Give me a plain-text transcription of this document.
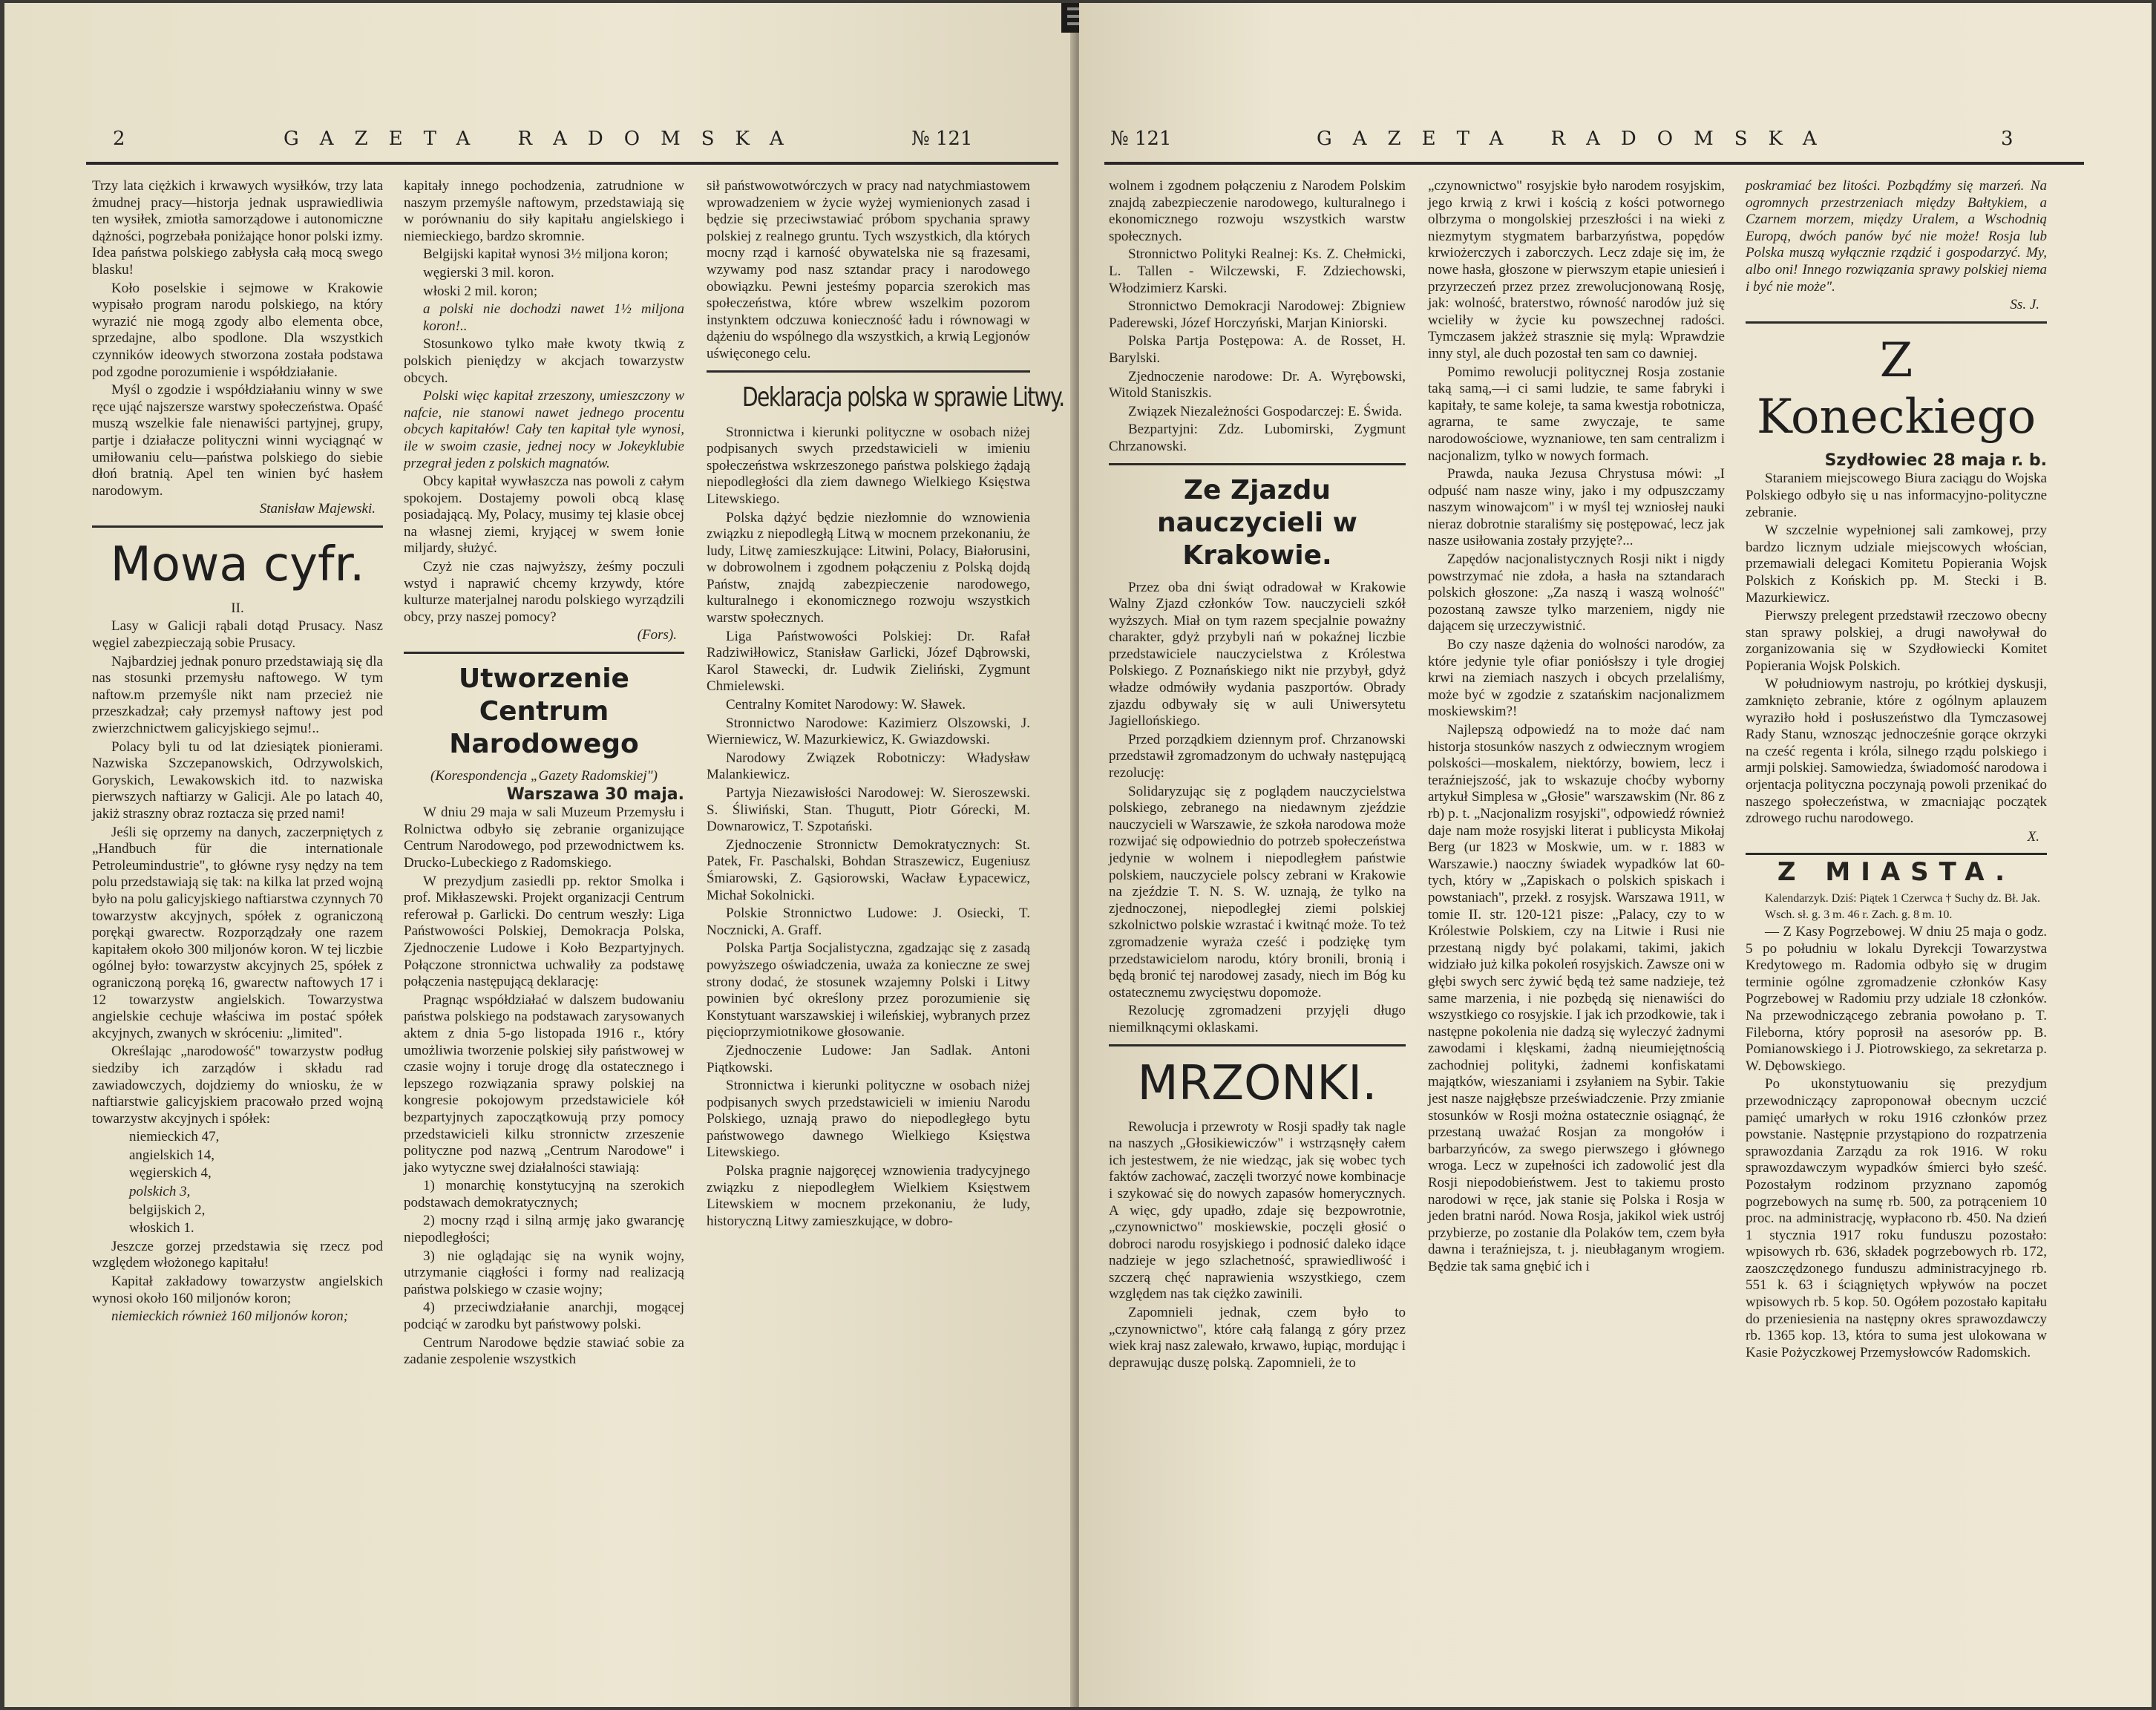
2	GAZETA RADOMSKA	№ 121

Trzy lata ciężkich i krwawych wysiłków, trzy lata żmudnej pracy—historja jednak usprawiedliwia ten wysiłek, zmiotła samorządowe i autonomiczne dążności, pogrzebała poniżające honor polski izmy. Idea państwa polskiego zabłysła całą mocą swego blasku!

Koło poselskie i sejmowe w Krakowie wypisało program narodu polskiego, na który wyrazić nie mogą zgody albo elementa obce, sprzedajne, albo spodlone. Dla wszystkich czynników ideowych stworzona została podstawa pod zgodne porozumienie i współdziałanie.

Myśl o zgodzie i współdziałaniu winny w swe ręce ująć najszersze warstwy społeczeństwa. Opaść muszą wszelkie fale nienawiści partyjnej, grupy, partje i działacze polityczni winni wyciągnąć w umiłowaniu celu—państwa polskiego do siebie dłoń bratnią. Apel ten winien być hasłem narodowym.

Stanisław Majewski.

Mowa cyfr.

II.

Lasy w Galicji rąbali dotąd Prusacy. Nasz węgiel zabezpieczają sobie Prusacy.

Najbardziej jednak ponuro przedstawiają się dla nas stosunki przemysłu naftowego. W tym naftow.m przemyśle nikt nam przecież nie przeszkadzał; cały przemysł naftowy jest pod zwierzchnictwem galicyjskiego sejmu!..

Polacy byli tu od lat dziesiątek pionierami. Nazwiska Szczepanowskich, Odrzywolskich, Goryskich, Lewakowskich itd. to nazwiska pierwszych naftiarzy w Galicji. Ale po latach 40, jakiż straszny obraz roztacza się przed nami!

Jeśli się oprzemy na danych, zaczerpniętych z „Handbuch für die internationale Petroleumindustrie", to główne rysy nędzy na tem polu przedstawiają się tak: na kilka lat przed wojną było na polu galicyjskiego naftiarstwa czynnych 70 towarzystw akcyjnych, spółek z ograniczoną porękąi gwarectw. Rozporządzały one razem kapitałem około 300 miljonów koron. W tej liczbie ogólnej było: towarzystw akcyjnych 25, spółek z ograniczoną poręką 16, gwarectw naftowych 17 i 12 towarzystw angielskich. Towarzystwa angielskie cechuje właściwa im postać spółek akcyjnych, zwanych w skróceniu: „limited".

Określając „narodowość" towarzystw podług siedziby ich zarządów i składu rad zawiadowczych, dojdziemy do wniosku, że w naftiarstwie galicyjskiem pracowało przed wojną towarzystw akcyjnych i spółek:

niemieckich 47,

angielskich 14,

węgierskich 4,

polskich 3,

belgijskich 2,

włoskich 1.

Jeszcze gorzej przedstawia się rzecz pod względem włożonego kapitału!

Kapitał zakładowy towarzystw angielskich wynosi około 160 miljonów koron;

niemieckich również 160 miljonów koron;

kapitały innego pochodzenia, zatrudnione w naszym przemyśle naftowym, przedstawiają się w porównaniu do siły kapitału angielskiego i niemieckiego, bardzo skromnie.

Belgijski kapitał wynosi 3½ miljona koron;

węgierski 3 mil. koron.

włoski 2 mil. koron;

a polski nie dochodzi nawet 1½ miljona koron!..

Stosunkowo tylko małe kwoty tkwią z polskich pieniędzy w akcjach towarzystw obcych.

Polski więc kapitał zrzeszony, umieszczony w nafcie, nie stanowi nawet jednego procentu obcych kapitałów! Cały ten kapitał tyle wynosi, ile w swoim czasie, jednej nocy w Jokeyklubie przegrał jeden z polskich magnatów.

Obcy kapitał wywłaszcza nas powoli z całym spokojem. Dostajemy powoli obcą klasę posiadającą. My, Polacy, musimy tej klasie obcej na własnej ziemi, kryjącej w swem łonie miljardy, służyć.

Czyż nie czas najwyższy, żeśmy poczuli wstyd i naprawić chcemy krzywdy, które kulturze materjalnej narodu polskiego wyrządzili obcy, przy naszej pomocy?

(Fors).

Utworzenie Centrum Narodowego

(Korespondencja „Gazety Radomskiej")

Warszawa 30 maja.

W dniu 29 maja w sali Muzeum Przemysłu i Rolnictwa odbyło się zebranie organizujące Centrum Narodowego, pod przewodnictwem ks. Drucko-Lubeckiego z Radomskiego.

W prezydjum zasiedli pp. rektor Smolka i prof. Mikłaszewski. Projekt organizacji Centrum referował p. Garlicki. Do centrum weszły: Liga Państwowości Polskiej, Demokracja Polska, Zjednoczenie Ludowe i Koło Bezpartyjnych. Połączone stronnictwa uchwaliły za podstawę połączenia następującą deklarację:

Pragnąc współdziałać w dalszem budowaniu państwa polskiego na podstawach zarysowanych aktem z dnia 5-go listopada 1916 r., który umożliwia tworzenie polskiej siły państwowej w czasie wojny i toruje drogę dla ostatecznego i lepszego rozwiązania sprawy polskiej na kongresie pokojowym przedstawiciele kół bezpartyjnych zapoczątkowują przy pomocy przedstawicieli kilku stronnictw zrzeszenie polityczne pod nazwą „Centrum Narodowe" i jako wytyczne swej działalności stawiają:

1) monarchię konstytucyjną na szerokich podstawach demokratycznych;

2) mocny rząd i silną armję jako gwarancję niepodległości;

3) nie oglądając się na wynik wojny, utrzymanie ciągłości i formy nad realizacją państwa polskiego w czasie wojny;

4) przeciwdziałanie anarchji, mogącej podciąć w zarodku byt państwowy polski.

Centrum Narodowe będzie stawiać sobie za zadanie zespolenie wszystkich

sił państwowotwórczych w pracy nad natychmiastowem wprowadzeniem w życie wyżej wymienionych zasad i będzie się przeciwstawiać próbom spychania sprawy polskiej z realnego gruntu. Tych wszystkich, dla których mocny rząd i karność obywatelska nie są frazesami, wzywamy pod nasz sztandar pracy i narodowego obowiązku. Pewni jesteśmy poparcia szerokich mas społeczeństwa, które wbrew wszelkim pozorom instynktem odczuwa konieczność ładu i równowagi w dążeniu do wspólnego dla wszystkich, a krwią Legjonów uświęconego celu.

Deklaracja polska w sprawie Litwy.

Stronnictwa i kierunki polityczne w osobach niżej podpisanych swych przedstawicieli w imieniu społeczeństwa wskrzeszonego państwa polskiego żądają niepodległości dla ziem dawnego Wielkiego Księstwa Litewskiego.

Polska dążyć będzie niezłomnie do wznowienia związku z niepodległą Litwą w mocnem przekonaniu, że ludy, Litwę zamieszkujące: Litwini, Polacy, Białorusini, w dobrowolnem i zgodnem połączeniu z Polską dojdą Państw, znajdą zabezpieczenie narodowego, kulturalnego i ekonomicznego rozwoju wszystkich warstw społecznych.

Liga Państwowości Polskiej: Dr. Rafał Radziwiłłowicz, Stanisław Garlicki, Józef Dąbrowski, Karol Stawecki, dr. Ludwik Zieliński, Zygmunt Chmielewski.

Centralny Komitet Narodowy: W. Sławek.

Stronnictwo Narodowe: Kazimierz Olszowski, J. Wierniewicz, W. Mazurkiewicz, K. Gwiazdowski.

Narodowy Związek Robotniczy: Władysław Malankiewicz.

Partyja Niezawisłości Narodowej: W. Sieroszewski. S. Śliwiński, Stan. Thugutt, Piotr Górecki, M. Downarowicz, T. Szpotański.

Zjednoczenie Stronnictw Demokratycznych: St. Patek, Fr. Paschalski, Bohdan Straszewicz, Eugeniusz Śmiarowski, Z. Gąsiorowski, Wacław Łypacewicz, Michał Sokolnicki.

Polskie Stronnictwo Ludowe: J. Osiecki, T. Nocznicki, A. Graff.

Polska Partja Socjalistyczna, zgadzając się z zasadą powyższego oświadczenia, uważa za konieczne ze swej strony dodać, że stosunek wzajemny Polski i Litwy powinien być określony przez porozumienie się Konstytuant warszawskiej i wileńskiej, wybranych przez pięcioprzymiotnikowe głosowanie.

Zjednoczenie Ludowe: Jan Sadlak. Antoni Piątkowski.

Stronnictwa i kierunki polityczne w osobach niżej podpisanych swych przedstawicieli w imieniu Narodu Polskiego, uznają prawo do niepodległego bytu państwowego dawnego Wielkiego Księstwa Litewskiego.

Polska pragnie najgoręcej wznowienia tradycyjnego związku z niepodległem Wielkiem Księstwem Litewskiem w mocnem przekonaniu, że ludy, historyczną Litwy zamieszkujące, w dobro-

№ 121	GAZETA RADOMSKA	3

wolnem i zgodnem połączeniu z Narodem Polskim znajdą zabezpieczenie narodowego, kulturalnego i ekonomicznego rozwoju wszystkich warstw społecznych.

Stronnictwo Polityki Realnej: Ks. Z. Chełmicki, L. Tallen - Wilczewski, F. Zdziechowski, Włodzimierz Karski.

Stronnictwo Demokracji Narodowej: Zbigniew Paderewski, Józef Horczyński, Marjan Kiniorski.

Polska Partja Postępowa: A. de Rosset, H. Barylski.

Zjednoczenie narodowe: Dr. A. Wyrębowski, Witold Staniszkis.

Związek Niezależności Gospodarczej: E. Świda.

Bezpartyjni: Zdz. Lubomirski, Zygmunt Chrzanowski.

Ze Zjazdu nauczycieli w Krakowie.

Przez oba dni świąt odradował w Krakowie Walny Zjazd członków Tow. nauczycieli szkół wyższych. Miał on tym razem specjalnie poważny charakter, gdyż przybyli nań w pokaźnej liczbie przedstawiciele nauczycielstwa z Królestwa Polskiego. Z Poznańskiego nikt nie przybył, gdyż władze odmówiły wydania paszportów. Obrady zjazdu odbywały się w auli Uniwersytetu Jagiellońskiego.

Przed porządkiem dziennym prof. Chrzanowski przedstawił zgromadzonym do uchwały następującą rezolucję:

Solidaryzując się z poglądem nauczycielstwa polskiego, zebranego na niedawnym zjeździe nauczycieli w Warszawie, że szkoła narodowa może rozwijać się odpowiednio do potrzeb społeczeństwa jedynie w wolnem i niepodległem państwie polskiem, nauczyciele polscy zebrani w Krakowie na zjeździe T. N. S. W. uznają, że tylko na zjednoczonej, niepodległej ziemi polskiej szkolnictwo polskie wzrastać i kwitnąć może. To też zgromadzenie wyraża cześć i podziękę tym przedstawicielom narodu, który bronili, bronią i będą bronić tej narodowej zasady, niech im Bóg ku ostatecznemu zwycięstwu dopomoże.

Rezolucję zgromadzeni przyjęli długo niemilknącymi oklaskami.

MRZONKI.

Rewolucja i przewroty w Rosji spadły tak nagle na naszych „Głosikiewiczów" i wstrząsnęły całem ich jestestwem, że nie wiedząc, jak się wobec tych faktów zachować, zaczęli tworzyć nowe kombinacje i szykować się do nowych zapasów homerycznych. A więc, gdy upadło, zdaje się bezpowrotnie, „czynownictwo" moskiewskie, poczęli głosić o dobroci narodu rosyjskiego i podnosić daleko idące nadzieje w jego szlachetność, sprawiedliwość i szczerą chęć naprawienia wszystkiego, czem względem nas tak ciężko zawinili.

Zapomnieli jednak, czem było to „czynownictwo", które całą falangą z góry przez wiek kraj nasz zalewało, krwawo, łupiąc, mordując i deprawując duszę polską. Zapomnieli, że to

„czynownictwo" rosyjskie było narodem rosyjskim, jego krwią z krwi i kością z kości potwornego olbrzyma o mongolskiej przeszłości i na wieki z niezmytym stygmatem barbarzyństwa, popędów krwiożerczych i zaborczych. Lecz zdaje się im, że nowe hasła, głoszone w pierwszym etapie uniesień i przyrzeczeń przez przez zrewolucjonowaną Rosję, jak: wolność, braterstwo, równość narodów już się wcieliły w życie ku powszechnej radości. Tymczasem jakżeż strasznie się mylą: Wprawdzie inny styl, ale duch pozostał ten sam co dawniej.

Pomimo rewolucji politycznej Rosja zostanie taką samą,—i ci sami ludzie, te same fabryki i kapitały, te same koleje, ta sama kwestja robotnicza, agrarna, te same zwyczaje, te same narodowościowe, wyznaniowe, ten sam centralizm i nacjonalizm, tylko w nowych formach.

Prawda, nauka Jezusa Chrystusa mówi: „I odpuść nam nasze winy, jako i my odpuszczamy naszym winowajcom" i w myśl tej wzniosłej nauki nieraz dobrotnie staraliśmy się postępować, lecz jak nasze usiłowania zostały przyjęte?...

Zapędów nacjonalistycznych Rosji nikt i nigdy powstrzymać nie zdoła, a hasła na sztandarach polskich głoszone: „Za naszą i waszą wolność" pozostaną zawsze tylko marzeniem, nigdy nie dającem się urzeczywistnić.

Bo czy nasze dążenia do wolności narodów, za które jedynie tyle ofiar poniósłszy i tyle drogiej krwi na ziemiach naszych i obcych przelaliśmy, może być w zgodzie z szatańskim nacjonalizmem moskiewskim?!

Najlepszą odpowiedź na to może dać nam historja stosunków naszych z odwiecznym wrogiem polskości—moskalem, niektórzy, bowiem, lecz i teraźniejszość, jak to wskazuje choćby wyborny artykuł Simplesa w „Głosie" warszawskim (Nr. 86 z rb) p. t. „Nacjonalizm rosyjski", odpowiedź również daje nam może rosyjski literat i publicysta Mikołaj Berg (ur 1823 w Moskwie, um. w r. 1883 w Warszawie.) naoczny świadek wypadków lat 60-tych, który w „Zapiskach o polskich spiskach i powstaniach", przekł. z rosyjsk. Warszawa 1911, w tomie II. str. 120-121 pisze: „Palacy, czy to w Królestwie Polskiem, czy na Litwie i Rusi nie przestaną nigdy być polakami, takimi, jakich widziało już kilka pokoleń rosyjskich. Zawsze oni w głębi swych serc żywić będą też same nadzieje, też same marzenia, i nie pozbędą się nienawiści do wszystkiego co rosyjskie. I jak ich przodkowie, tak i następne pokolenia nie dadzą się wyleczyć żadnymi zawodami i klęskami, żadną nieumiejętnością zachodniej polityki, żadnemi konfiskatami majątków, wieszaniami i zsyłaniem na Sybir. Takie jest nasze najgłębsze przeświadczenie. Przy zmianie stosunków w Rosji można ostatecznie osiągnąć, że przestaną uważać Rosjan za mongołów i barbarzyńców, za swego pierwszego i głównego wroga. Lecz w zupełności ich zadowolić jest dla Rosji niepodobieństwem. Jest to takiemu prosto narodowi w ręce, jak stanie się Polska i Rosja w jeden bratni naród. Nowa Rosja, jakikol wiek ustrój przybierze, po zostanie dla Polaków tem, czem była dawna i teraźniejsza, t. j. nieubłaganym wrogiem. Będzie tak sama gnębić ich i

poskramiać bez litości. Pozbądźmy się marzeń. Na ogromnych przestrzeniach między Bałtykiem, a Czarnem morzem, między Uralem, a Wschodnią Europą, dwóch panów być nie może! Rosja lub Polska muszą wyłącznie rządzić i gospodarzyć. My, albo oni! Innego rozwiązania sprawy polskiej niema i być nie może".

Ss. J.

Z Koneckiego

Szydłowiec 28 maja r. b.

Staraniem miejscowego Biura zaciągu do Wojska Polskiego odbyło się u nas informacyjno-polityczne zebranie.

W szczelnie wypełnionej sali zamkowej, przy bardzo licznym udziale miejscowych włościan, przemawiali delegaci Komitetu Popierania Wojsk Polskich z Końskich pp. M. Stecki i B. Mazurkiewicz.

Pierwszy prelegent przedstawił rzeczowo obecny stan sprawy polskiej, a drugi nawoływał do zorganizowania się w Szydłowiecki Komitet Popierania Wojsk Polskich.

W południowym nastroju, po krótkiej dyskusji, zamknięto zebranie, które z ogólnym aplauzem wyraziło hołd i posłuszeństwo dla Tymczasowej Rady Stanu, wznosząc jednocześnie gorące okrzyki na cześć regenta i króla, silnego rządu polskiego i armji polskiej. Samowiedza, świadomość narodowa i orjentacja polityczna poczynają powoli przenikać do naszego społeczeństwa, w zmacniając początek zdrowego ruchu narodowego.

X.

Z MIASTA.

Kalendarzyk. Dziś: Piątek 1 Czerwca † Suchy dz. Bł. Jak.

Wsch. sł. g. 3 m. 46 r. Zach. g. 8 m. 10.

— Z Kasy Pogrzebowej. W dniu 25 maja o godz. 5 po południu w lokalu Dyrekcji Towarzystwa Kredytowego m. Radomia odbyło się w drugim terminie ogólne zgromadzenie członków Kasy Pogrzebowej w Radomiu przy udziale 18 członków. Na przewodniczącego zebrania powołano p. T. Fileborna, który poprosił na asesorów pp. B. Pomianowskiego i J. Piotrowskiego, za sekretarza p. W. Dębowskiego.

Po ukonstytuowaniu się prezydjum przewodniczący zaproponował obecnym uczcić pamięć umarłych w roku 1916 członków przez powstanie. Następnie przystąpiono do rozpatrzenia sprawozdania Zarządu za rok 1916. W roku sprawozdawczym wypadków śmierci było sześć. Pozostałym rodzinom przyznano zapomóg pogrzebowych na sumę rb. 500, za potrąceniem 10 proc. na administrację, wypłacono rb. 450. Na dzień 1 stycznia 1917 roku funduszu pozostało: wpisowych rb. 636, składek pogrzebowych rb. 172, zaoszczędzonego funduszu administracyjnego rb. 551 k. 63 i ściągniętych wpływów na poczet wpisowych rb. 5 kop. 50. Ogółem pozostało kapitału do przeniesienia na następny okres sprawozdawczy rb. 1365 kop. 13, która to suma jest ulokowana w Kasie Pożyczkowej Przemysłowców Radomskich.
